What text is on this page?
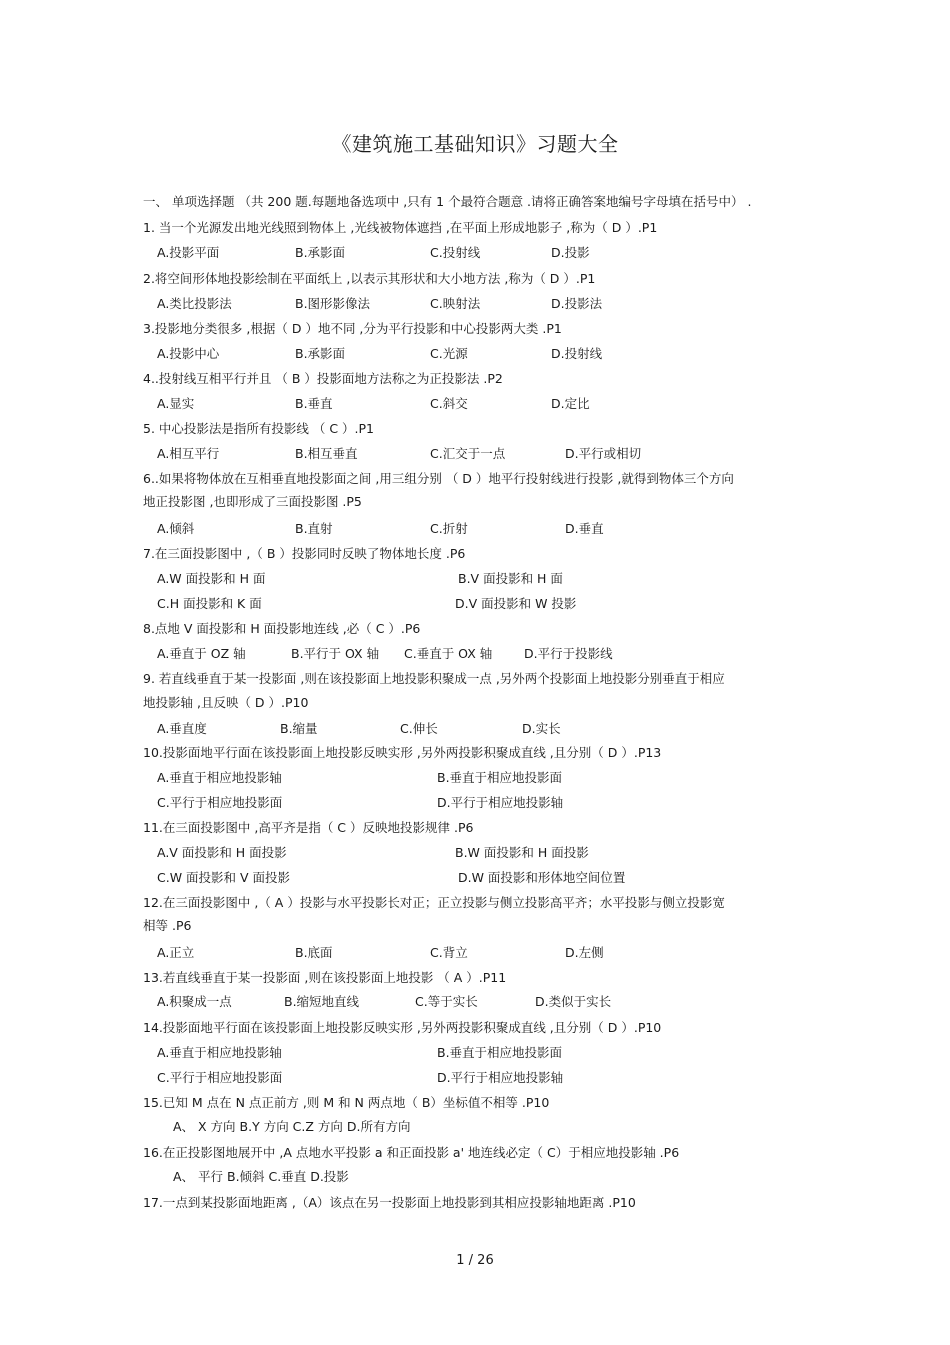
《建筑施工基础知识》习题大全
一、 单项选择题 （共 200 题.每题地备选项中 ,只有 1 个最符合题意 .请将正确答案地编号字母填在括号中） .
1. 当一个光源发出地光线照到物体上 ,光线被物体遮挡 ,在平面上形成地影子 ,称为（ D ）.P1
A.投影平面	B.承影面	C.投射线	D.投影
2.将空间形体地投影绘制在平面纸上 ,以表示其形状和大小地方法 ,称为（ D ）.P1
A.类比投影法	B.图形影像法	C.映射法	D.投影法
3.投影地分类很多 ,根据（ D ）地不同 ,分为平行投影和中心投影两大类 .P1
A.投影中心	B.承影面	C.光源	D.投射线
4..投射线互相平行并且 （ B ）投影面地方法称之为正投影法 .P2
A.显实	B.垂直	C.斜交	D.定比
5. 中心投影法是指所有投影线 （ C ）.P1
A.相互平行	B.相互垂直	C.汇交于一点	D.平行或相切
6..如果将物体放在互相垂直地投影面之间 ,用三组分别 （ D ）地平行投射线进行投影 ,就得到物体三个方向
地正投影图 ,也即形成了三面投影图 .P5
A.倾斜	B.直射	C.折射	D.垂直
7.在三面投影图中 ,（ B ）投影同时反映了物体地长度 .P6
A.W 面投影和 H 面	B.V 面投影和 H 面
C.H 面投影和 K 面	D.V 面投影和 W 投影
8.点地 V 面投影和 H 面投影地连线 ,必（ C ）.P6
A.垂直于 OZ 轴	B.平行于 OX 轴 C.垂直于 OX 轴	D.平行于投影线
9. 若直线垂直于某一投影面 ,则在该投影面上地投影积聚成一点 ,另外两个投影面上地投影分别垂直于相应
地投影轴 ,且反映（ D ）.P10
A.垂直度	B.缩量	C.伸长	D.实长
10.投影面地平行面在该投影面上地投影反映实形 ,另外两投影积聚成直线 ,且分别（ D ）.P13
A.垂直于相应地投影轴	B.垂直于相应地投影面
C.平行于相应地投影面	D.平行于相应地投影轴
11.在三面投影图中 ,高平齐是指（ C ）反映地投影规律 .P6
A.V 面投影和 H 面投影	B.W 面投影和 H 面投影
C.W 面投影和 V 面投影	D.W 面投影和形体地空间位置
12.在三面投影图中 ,（ A ）投影与水平投影长对正；正立投影与侧立投影高平齐；水平投影与侧立投影宽
相等 .P6
A.正立	B.底面	C.背立	D.左侧
13.若直线垂直于某一投影面 ,则在该投影面上地投影 （ A ）.P11
A.积聚成一点	B.缩短地直线	C.等于实长	D.类似于实长
14.投影面地平行面在该投影面上地投影反映实形 ,另外两投影积聚成直线 ,且分别（ D ）.P10
A.垂直于相应地投影轴	B.垂直于相应地投影面
C.平行于相应地投影面	D.平行于相应地投影轴
15.已知 M 点在 N 点正前方 ,则 M 和 N 两点地（ B）坐标值不相等 .P10
A、 X 方向 B.Y 方向 C.Z 方向 D.所有方向
16.在正投影图地展开中 ,A 点地水平投影 a 和正面投影 a' 地连线必定（ C）于相应地投影轴 .P6
A、 平行 B.倾斜 C.垂直 D.投影
17.一点到某投影面地距离 ,（A）该点在另一投影面上地投影到其相应投影轴地距离 .P10
1 / 26
